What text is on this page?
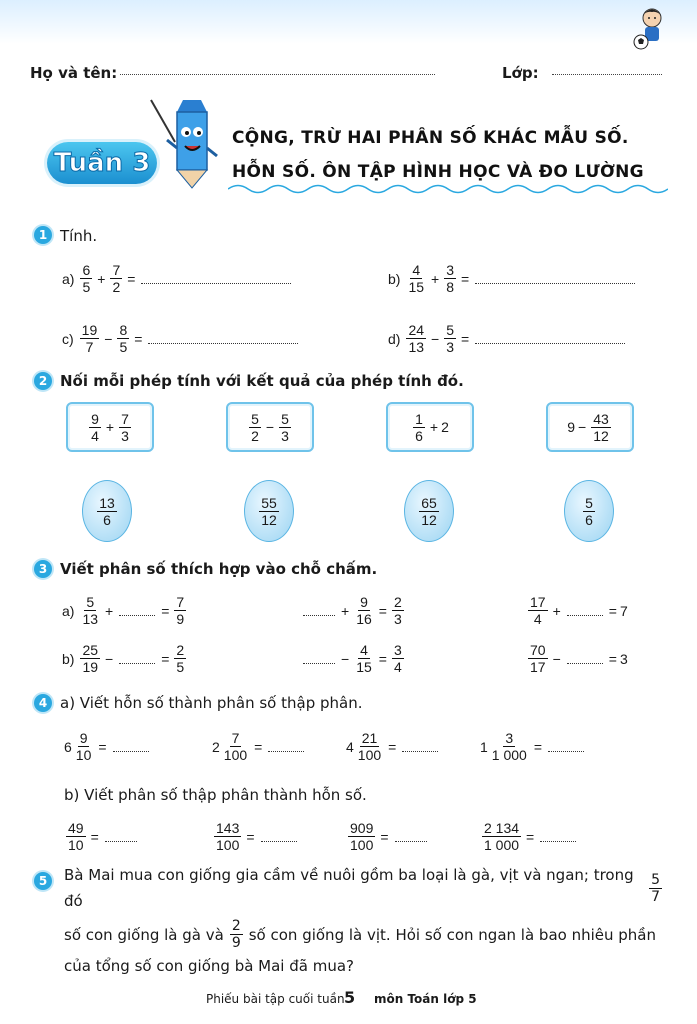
Họ và tên:	Lớp:
Tuần 3
CỘNG, TRỪ HAI PHÂN SỐ KHÁC MẪU SỐ.
HỖN SỐ. ÔN TẬP HÌNH HỌC VÀ ĐO LƯỜNG
1 Tính.
$a) \frac{6}{5} + \frac{7}{2}$ =	$b) \frac{4}{15} + \frac{3}{8}$ =
$c) \frac{19}{7} - \frac{8}{5}$ =	$d) \frac{24}{13} - \frac{5}{3}$ =
2 Nối mỗi phép tính với kết quả của phép tính đó.
$\frac{9}{4} + \frac{7}{3}$	$\frac{5}{2} - \frac{5}{3}$	$\frac{1}{6} + 2$	$9 - \frac{43}{12}$
$\frac{13}{6}$	$\frac{55}{12}$	$\frac{65}{12}$	$\frac{5}{6}$
3 Viết phân số thích hợp vào chỗ chấm.
$a) \frac{5}{13}$ +	= $\frac{7}{9}$	+ $\frac{9}{16} = \frac{2}{3}$	$\frac{17}{4}$ +	= 7
$b) \frac{25}{19}$ −	= $\frac{2}{5}$	− $\frac{4}{15} = \frac{3}{4}$	$\frac{70}{17}$ −	= 3
4 a) Viết hỗn số thành phân số thập phân.
$6 \frac{9}{10}$ =	$2 \frac{7}{100}$ =	$4 \frac{21}{100}$ =	$1 \frac{3}{1 000}$ =
b) Viết phân số thập phân thành hỗn số.
$\frac{49}{10}$ =	$\frac{143}{100}$ =	$\frac{909}{100}$ =	$\frac{2 134}{1 000}$ =
5	Bà Mai mua con giống gia cầm về nuôi gồm ba loại là gà, vịt và ngan; trong đó	$\frac{5}{7}$
số con giống là gà và $\frac{2}{9}$ số con giống là vịt. Hỏi số con ngan là bao nhiêu phần
của tổng số con giống bà Mai đã mua?
Phiếu bài tập cuối tuần 5 môn Toán lớp 5
